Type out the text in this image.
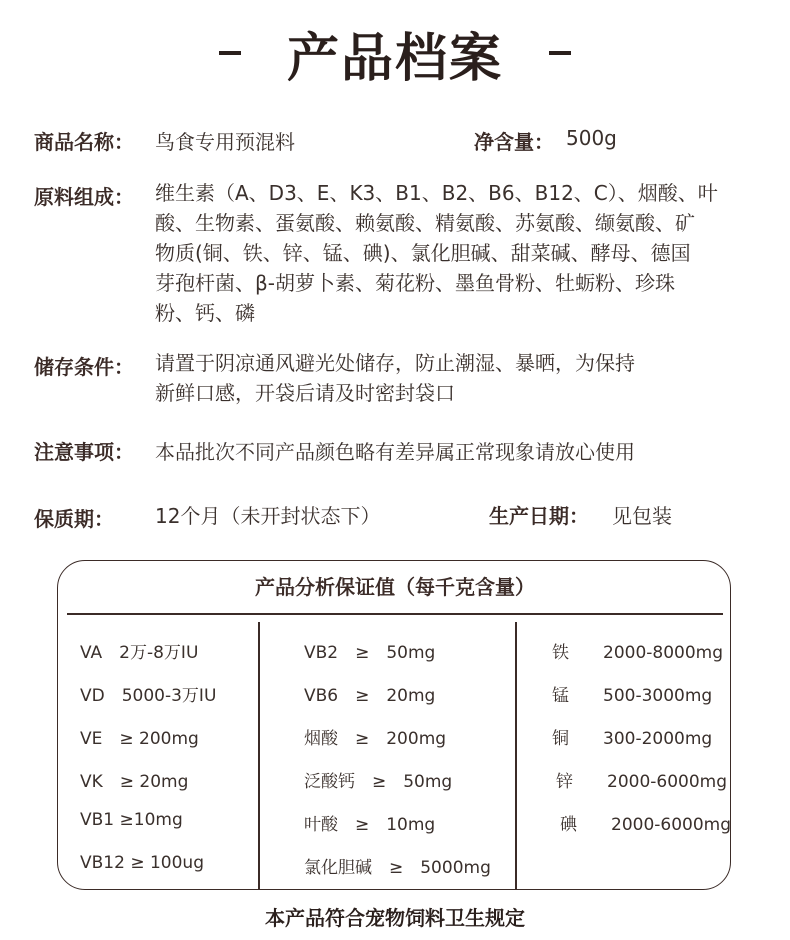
产品档案
商品名称： 鸟食专用预混料	净含量： 500g
原料组成： 维生素（A、D3、E、K3、B1、B2、B6、B12、C）、烟酸、叶
酸、生物素、蛋氨酸、赖氨酸、精氨酸、苏氨酸、缬氨酸、矿
物质(铜、铁、锌、锰、碘)、氯化胆碱、甜菜碱、酵母、德国
芽孢杆菌、β-胡萝卜素、菊花粉、墨鱼骨粉、牡蛎粉、珍珠
粉、钙、磷
储存条件： 请置于阴凉通风避光处储存，防止潮湿、暴晒，为保持
新鲜口感，开袋后请及时密封袋口
注意事项： 本品批次不同产品颜色略有差异属正常现象请放心使用
保质期： 12个月（未开封状态下）	生产日期： 见包装
产品分析保证值（每千克含量）
VA　2万-8万IU
VD　5000-3万IU
VE　≥ 200mg
VK　≥ 20mg
VB1 ≥10mg
VB12 ≥ 100ug
VB2　≥　50mg
VB6　≥　20mg
烟酸　≥　200mg
泛酸钙　≥　50mg
叶酸　≥　10mg
氯化胆碱　≥　5000mg
铁　　2000-8000mg
锰　　500-3000mg
铜　　300-2000mg
锌　　2000-6000mg
碘　　2000-6000mg
本产品符合宠物饲料卫生规定
